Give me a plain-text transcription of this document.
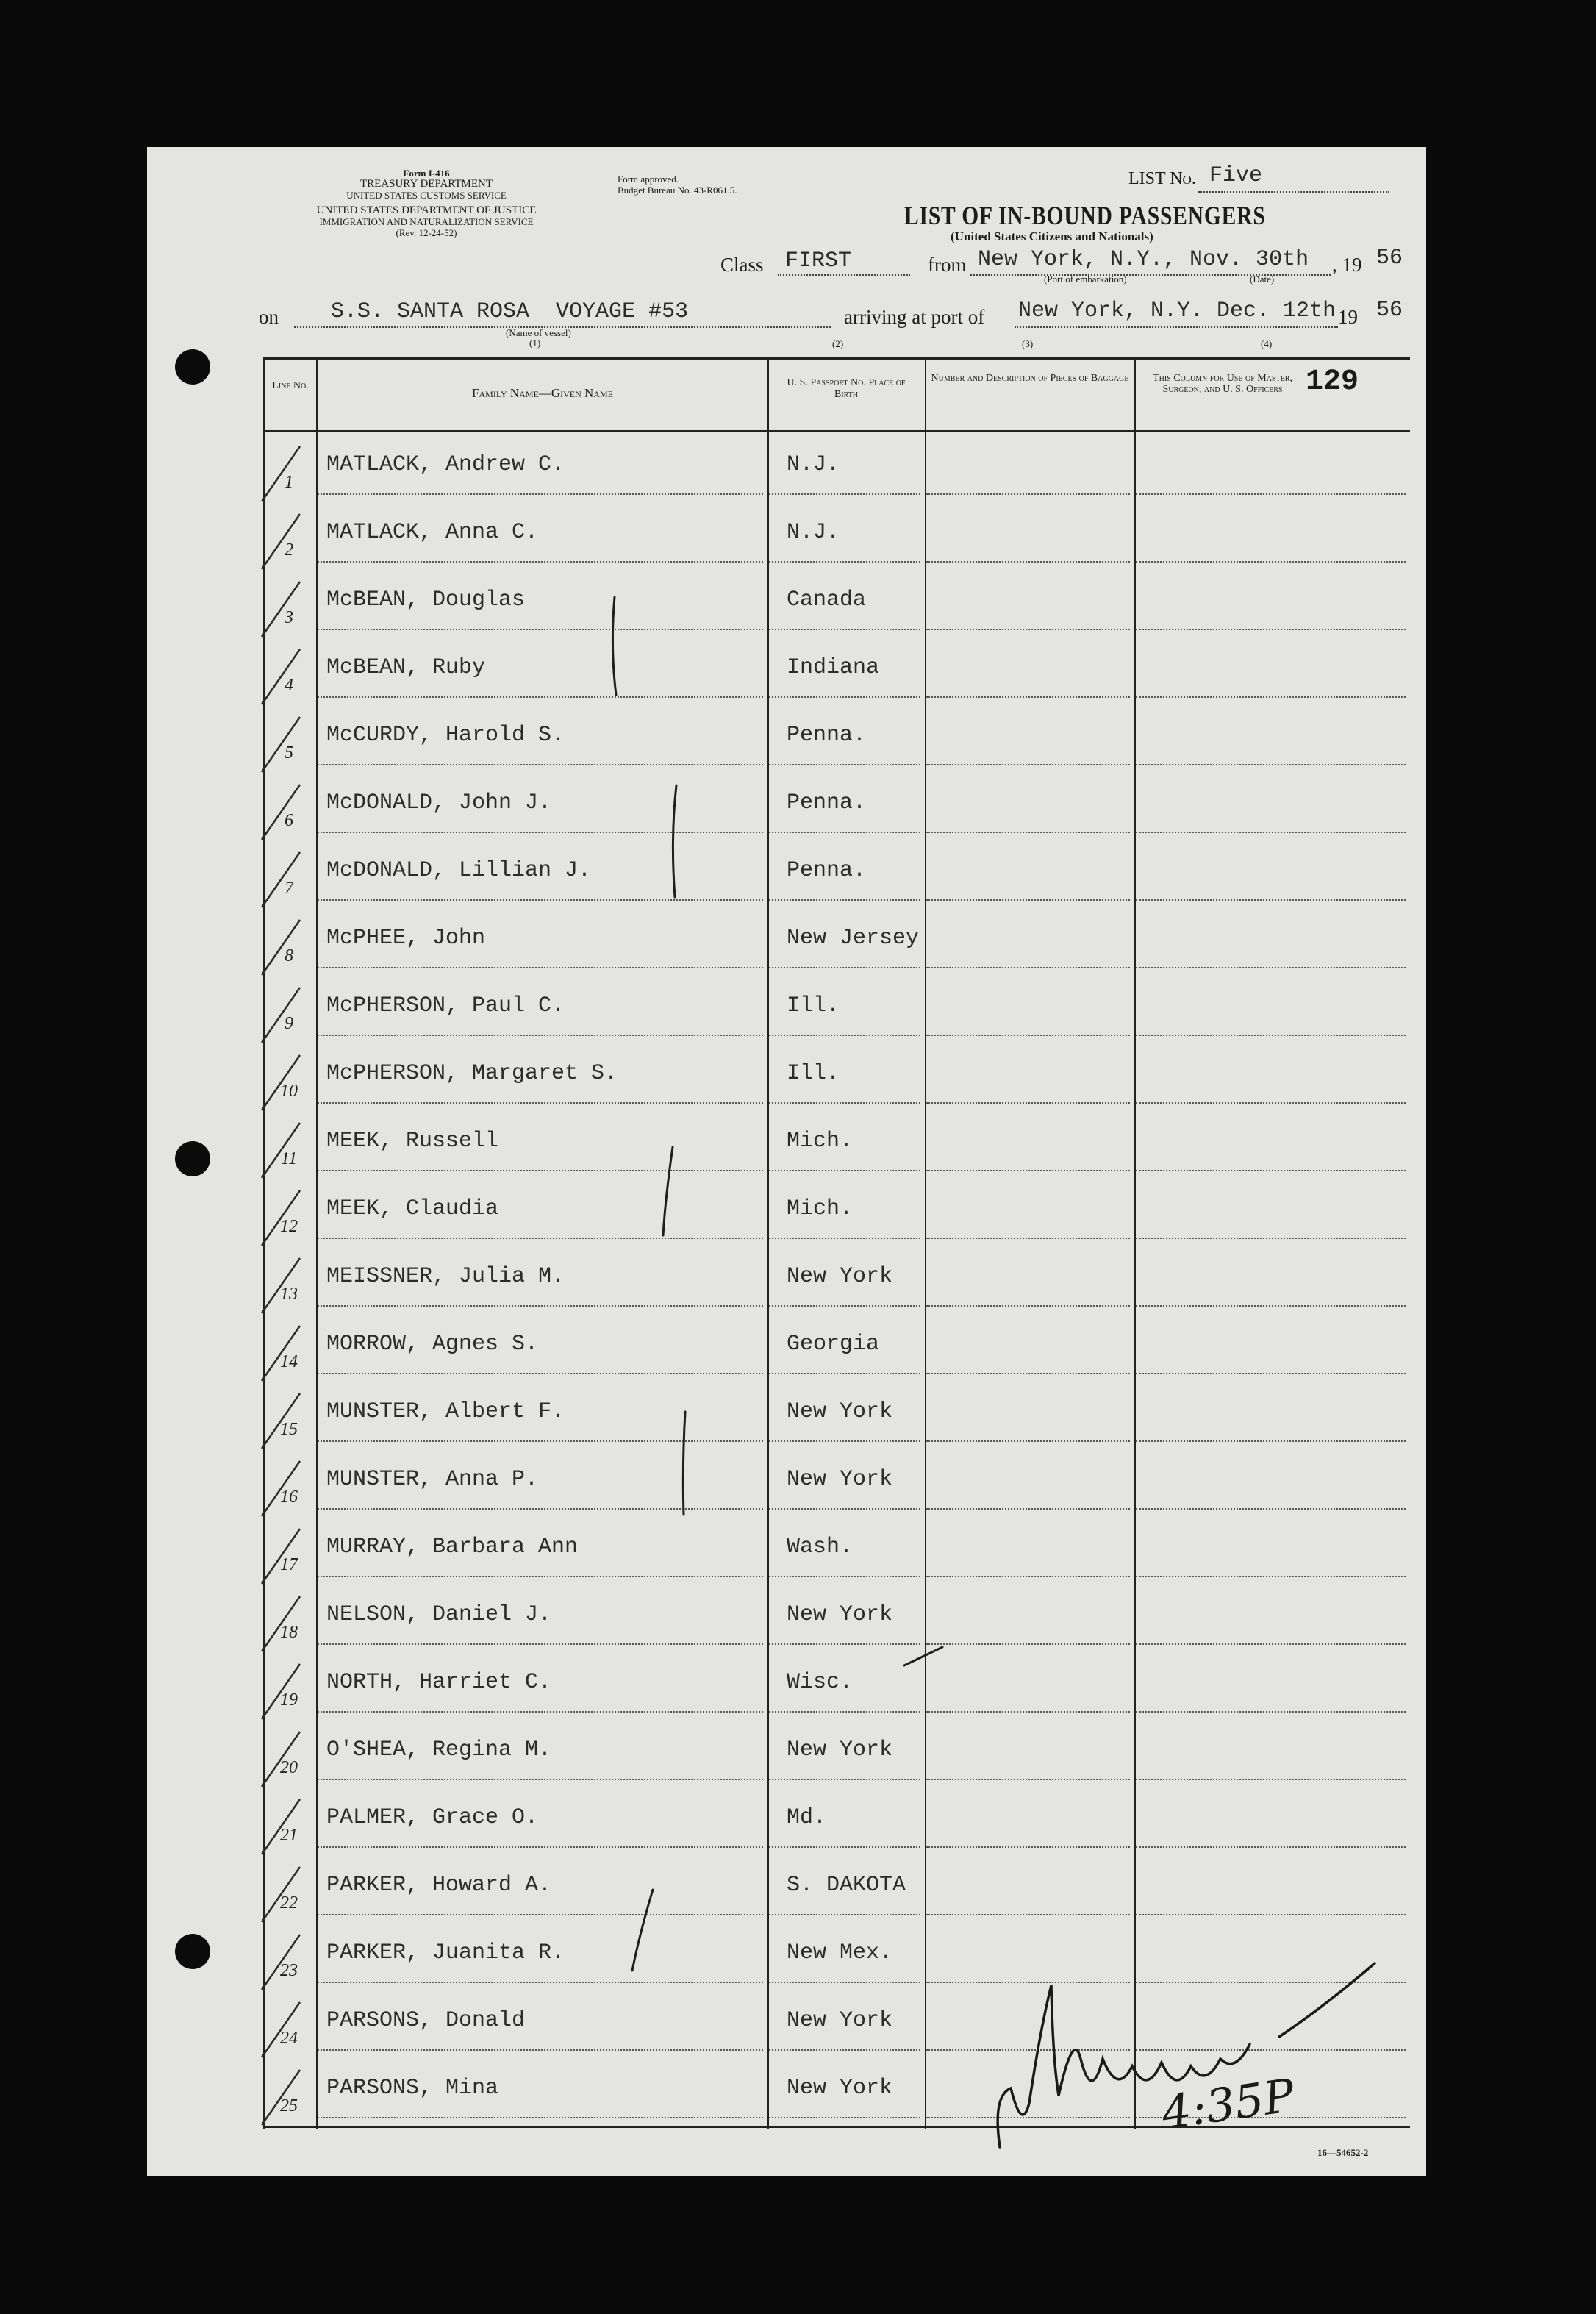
Form I-416
TREASURY DEPARTMENT
UNITED STATES CUSTOMS SERVICE
UNITED STATES DEPARTMENT OF JUSTICE
IMMIGRATION AND NATURALIZATION SERVICE
(Rev. 12-24-52)
Form approved.
Budget Bureau No. 43-R061.5.
LIST No. Five
LIST OF IN-BOUND PASSENGERS
(United States Citizens and Nationals)
Class FIRST	from New York, N.Y., Nov. 30th , 19 56
(Port of embarkation)	(Date)
on S.S. SANTA ROSA  VOYAGE #53
(Name of vessel)
(1)
arriving at port of New York, N.Y. Dec. 12th 19 56
(2)	(3)	(4)
Line No.
Family Name—Given Name
U. S. Passport No. Place of Birth
Number and Description of Pieces of Baggage	This Column for Use of Master, Surgeon, and U. S. Officers 129
1
MATLACK, Andrew C.	N.J.
2
MATLACK, Anna C.	N.J.
3
McBEAN, Douglas	Canada
4
McBEAN, Ruby	Indiana
5
McCURDY, Harold S.	Penna.
6
McDONALD, John J.	Penna.
7
McDONALD, Lillian J.	Penna.
8
McPHEE, John	New Jersey
9
McPHERSON, Paul C.	Ill.
10
McPHERSON, Margaret S.	Ill.
11
MEEK, Russell	Mich.
12
MEEK, Claudia	Mich.
13
MEISSNER, Julia M.	New York
14
MORROW, Agnes S.	Georgia
15
MUNSTER, Albert F.	New York
16
MUNSTER, Anna P.	New York
17
MURRAY, Barbara Ann	Wash.
18
NELSON, Daniel J.	New York
19
NORTH, Harriet C.	Wisc.
20
O'SHEA, Regina M.	New York
21
PALMER, Grace O.	Md.
22
PARKER, Howard A.	S. DAKOTA
23
PARKER, Juanita R.	New Mex.
24
PARSONS, Donald	New York
25
PARSONS, Mina	New York	4:35P
16—54652-2
